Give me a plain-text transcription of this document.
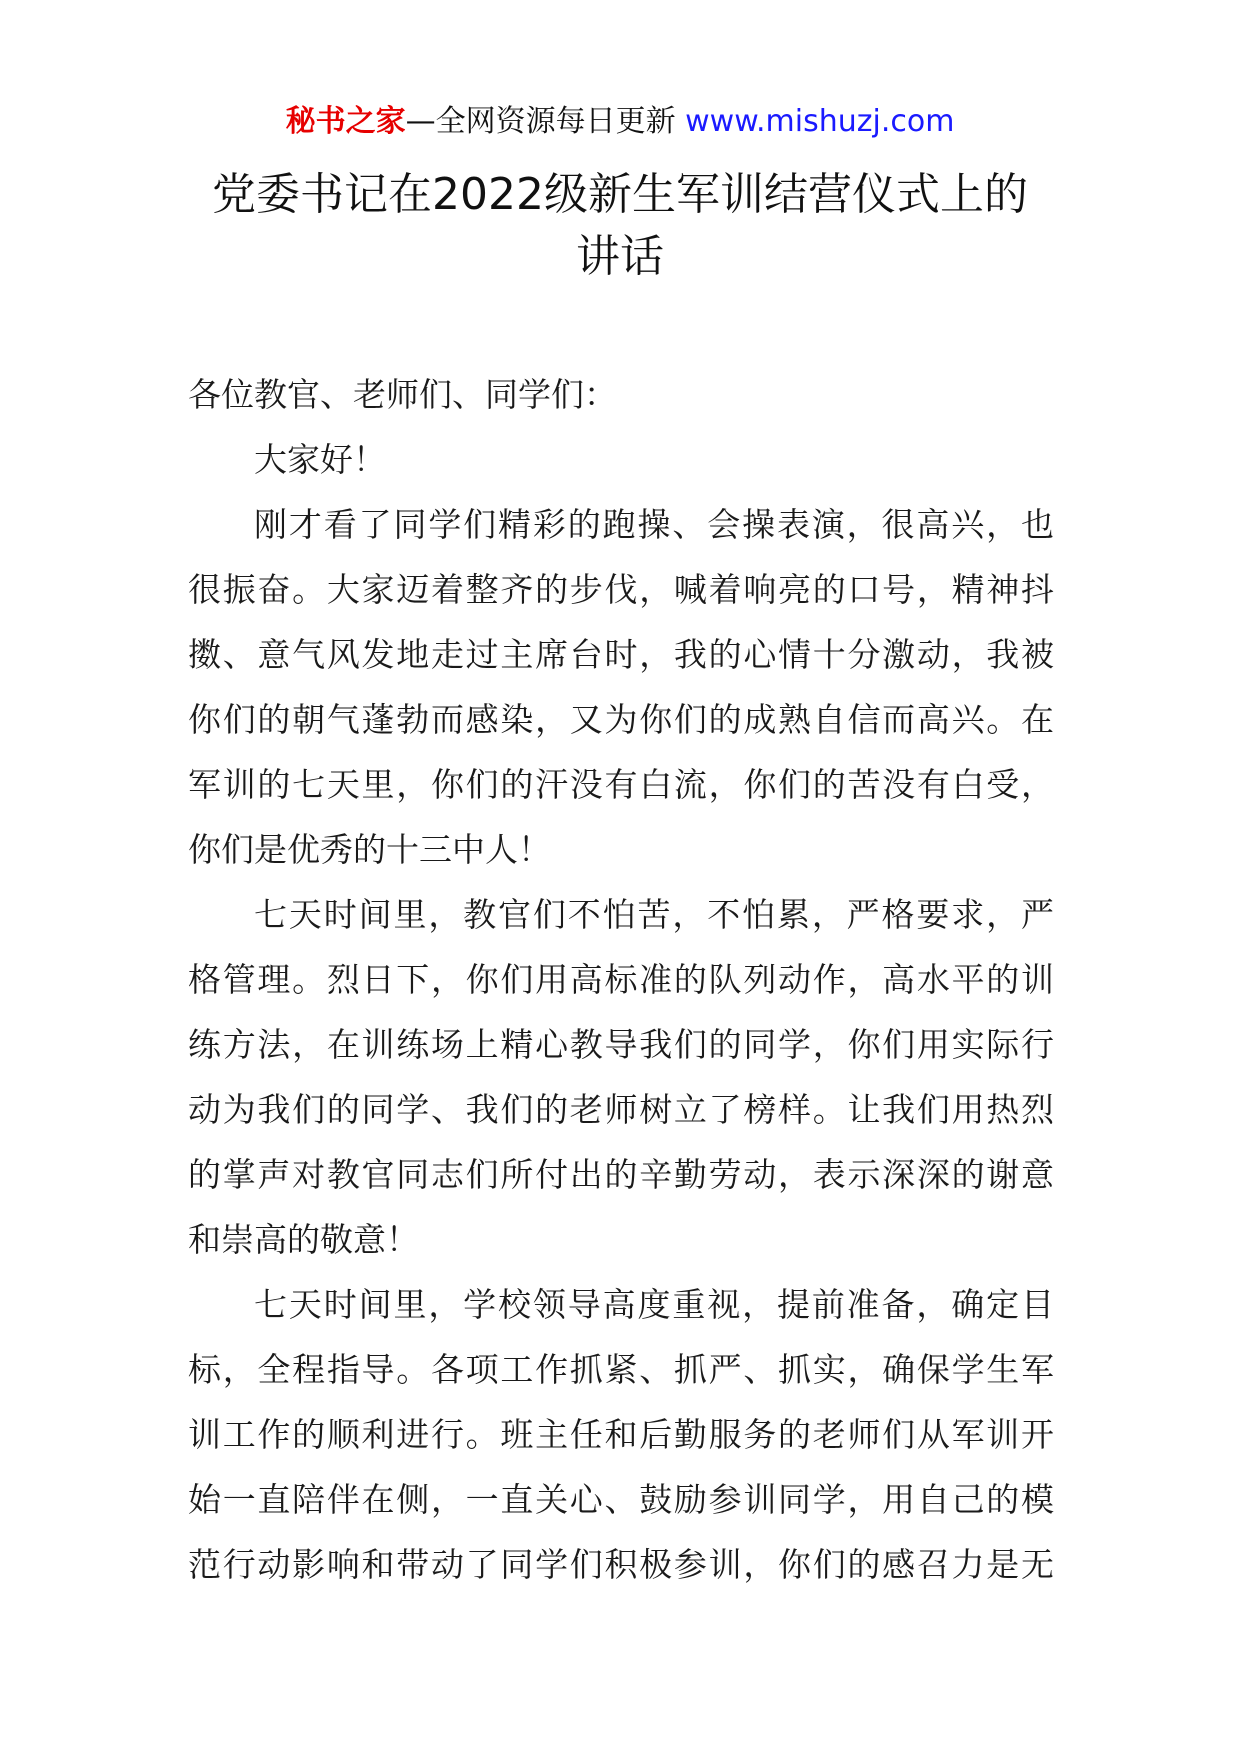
秘书之家—全网资源每日更新 www.mishuzj.com
党委书记在2022级新生军训结营仪式上的
讲话
各位教官、老师们、同学们：
大家好！
刚才看了同学们精彩的跑操、会操表演，很高兴，也
很振奋。大家迈着整齐的步伐，喊着响亮的口号，精神抖
擞、意气风发地走过主席台时，我的心情十分激动，我被
你们的朝气蓬勃而感染，又为你们的成熟自信而高兴。在
军训的七天里，你们的汗没有白流，你们的苦没有白受，
你们是优秀的十三中人！
七天时间里，教官们不怕苦，不怕累，严格要求，严
格管理。烈日下，你们用高标准的队列动作，高水平的训
练方法，在训练场上精心教导我们的同学，你们用实际行
动为我们的同学、我们的老师树立了榜样。让我们用热烈
的掌声对教官同志们所付出的辛勤劳动，表示深深的谢意
和崇高的敬意！
七天时间里，学校领导高度重视，提前准备，确定目
标，全程指导。各项工作抓紧、抓严、抓实，确保学生军
训工作的顺利进行。班主任和后勤服务的老师们从军训开
始一直陪伴在侧，一直关心、鼓励参训同学，用自己的模
范行动影响和带动了同学们积极参训，你们的感召力是无
